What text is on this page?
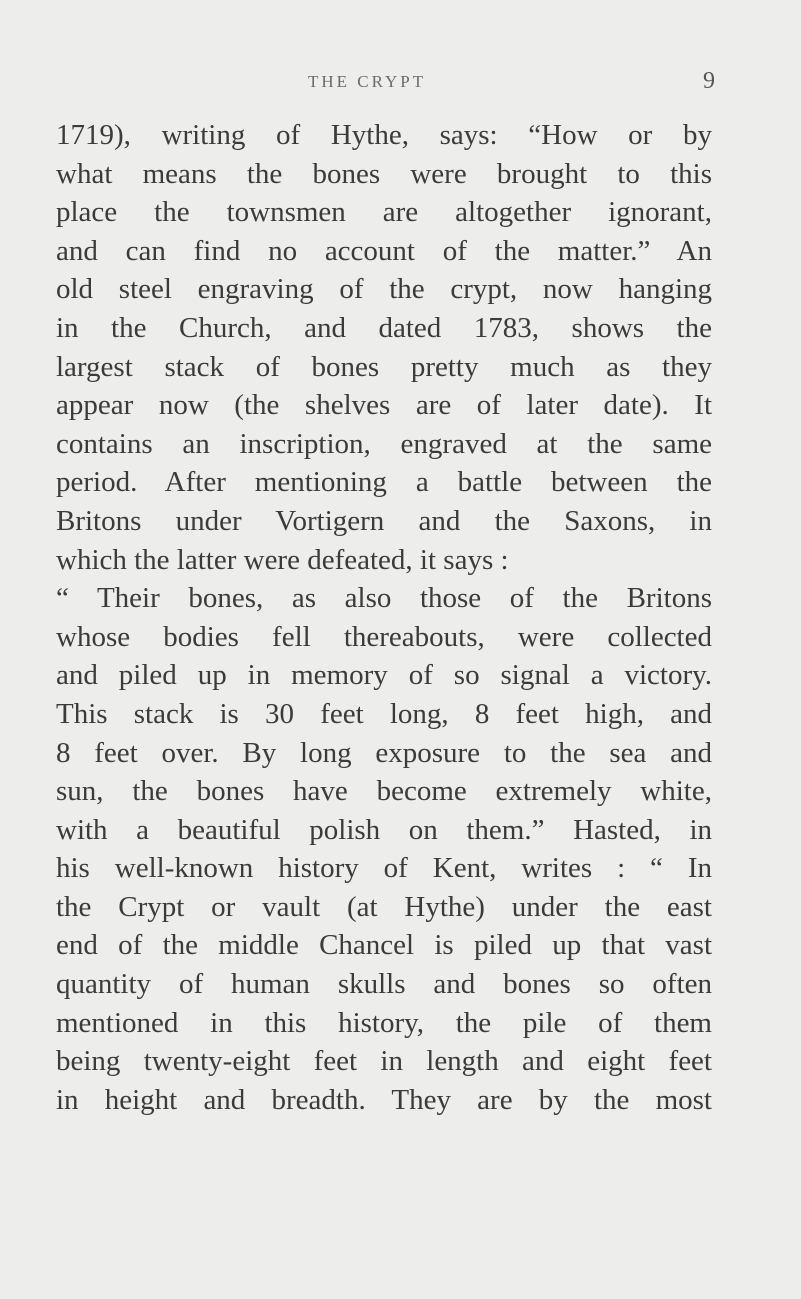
THE CRYPT	9
1719), writing of Hythe, says: “How or by
what means the bones were brought to this
place the townsmen are altogether ignorant,
and can find no account of the matter.” An
old steel engraving of the crypt, now hanging
in the Church, and dated 1783, shows the
largest stack of bones pretty much as they
appear now (the shelves are of later date). It
contains an inscription, engraved at the same
period. After mentioning a battle between the
Britons under Vortigern and the Saxons, in
which the latter were defeated, it says :
“ Their bones, as also those of the Britons
whose bodies fell thereabouts, were collected
and piled up in memory of so signal a victory.
This stack is 30 feet long, 8 feet high, and
8 feet over. By long exposure to the sea and
sun, the bones have become extremely white,
with a beautiful polish on them.” Hasted, in
his well-known history of Kent, writes : “ In
the Crypt or vault (at Hythe) under the east
end of the middle Chancel is piled up that vast
quantity of human skulls and bones so often
mentioned in this history, the pile of them
being twenty-eight feet in length and eight feet
in height and breadth. They are by the most
